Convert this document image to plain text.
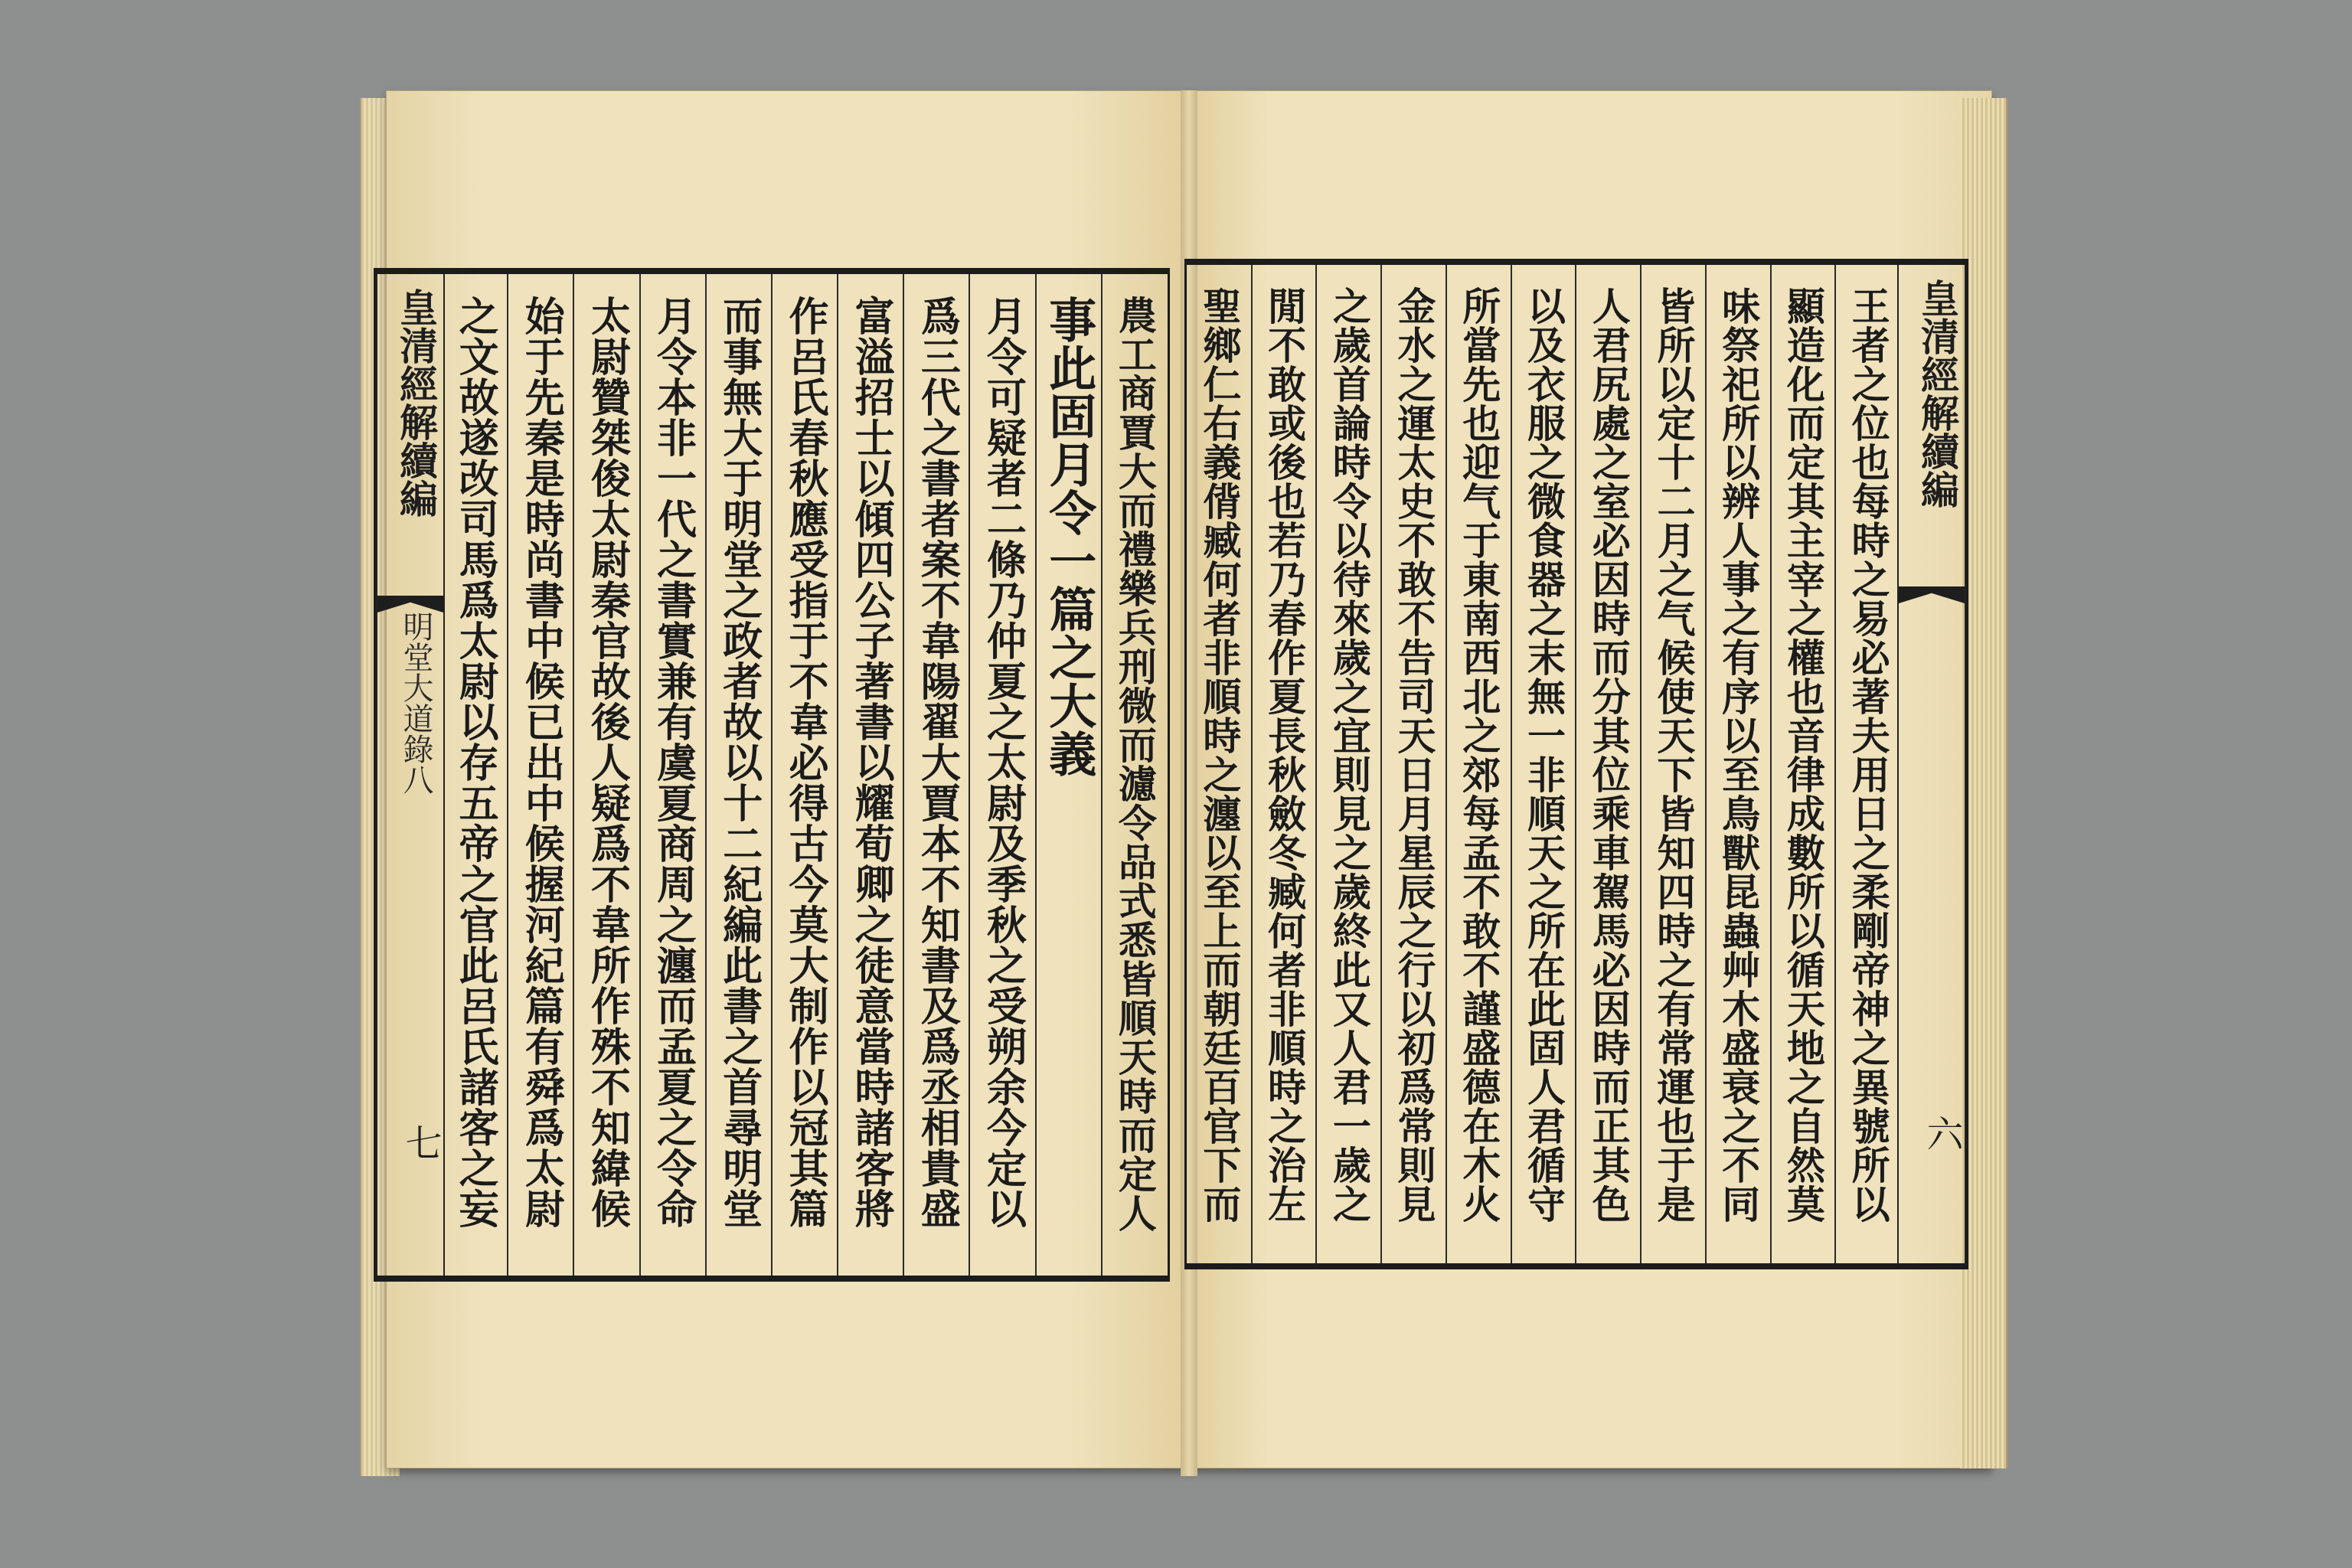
皇清經解續編
明堂大道錄八
七	農工商賈大而禮樂兵刑微而濾令品式悉皆順天時而定人
事此固月令一篇之大義
月令可疑者二條乃仲夏之太尉及季秋之受朔余今定以
爲三代之書者案不韋陽翟大賈本不知書及爲丞相貴盛
富溢招士以傾四公子著書以耀荀卿之徒意當時諸客將
作呂氏春秋應受指于不韋必得古今莫大制作以冠其篇
而事無大于明堂之政者故以十二紀編此書之首尋明堂
月令本非一代之書實兼有虞夏商周之瀍而孟夏之令命
太尉贊桀俊太尉秦官故後人疑爲不韋所作殊不知緯候
始于先秦是時尚書中候已出中候握河紀篇有舜爲太尉
之文故遂改司馬爲太尉以存五帝之官此呂氏諸客之妄	皇清經解續編
六
王者之位也每時之易必著夫用日之柔剛帝神之異號所以
顯造化而定其主宰之權也音律成數所以循天地之自然莫
味祭祀所以辨人事之有序以至鳥獸昆蟲艸木盛衰之不同
皆所以定十二月之气候使天下皆知四時之有常運也于是
人君尻處之室必因時而分其位乘車駕馬必因時而正其色
以及衣服之微食器之末無一非順天之所在此固人君循守
所當先也迎气于東南西北之郊每孟不敢不謹盛德在木火
金水之運太史不敢不告司天日月星辰之行以初爲常則見
之歲首論時令以待來歲之宜則見之歲終此又人君一歲之
閒不敢或後也若乃春作夏長秋斂冬臧何者非順時之治左
聖鄉仁右義偝臧何者非順時之瀍以至上而朝廷百官下而
